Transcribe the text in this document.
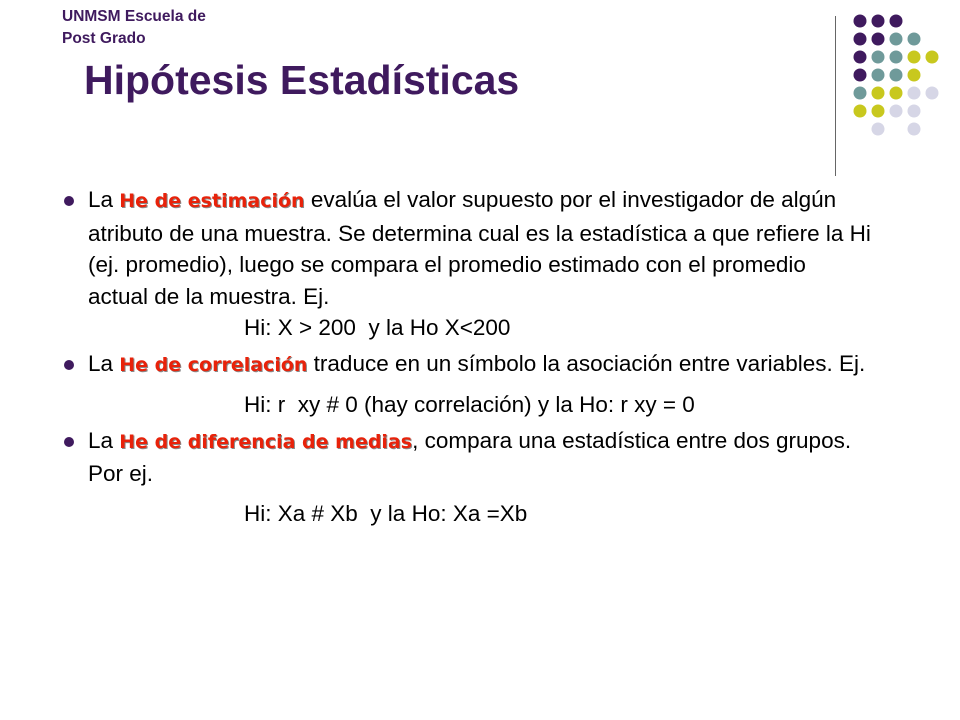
UNMSM Escuela de
Post Grado
Hipótesis Estadísticas
La He de estimación evalúa el valor supuesto por el investigador de algún atributo de una muestra. Se determina cual es la estadística a que refiere la Hi (ej. promedio), luego se compara el promedio estimado con el promedio actual de la muestra. Ej.
Hi: X > 200  y la Ho X<200
La He de correlación traduce en un símbolo la asociación entre variables. Ej.
Hi: r  xy # 0 (hay correlación) y la Ho: r xy = 0
La He de diferencia de medias, compara una estadística entre dos grupos. Por ej.
Hi: Xa # Xb  y la Ho: Xa =Xb
